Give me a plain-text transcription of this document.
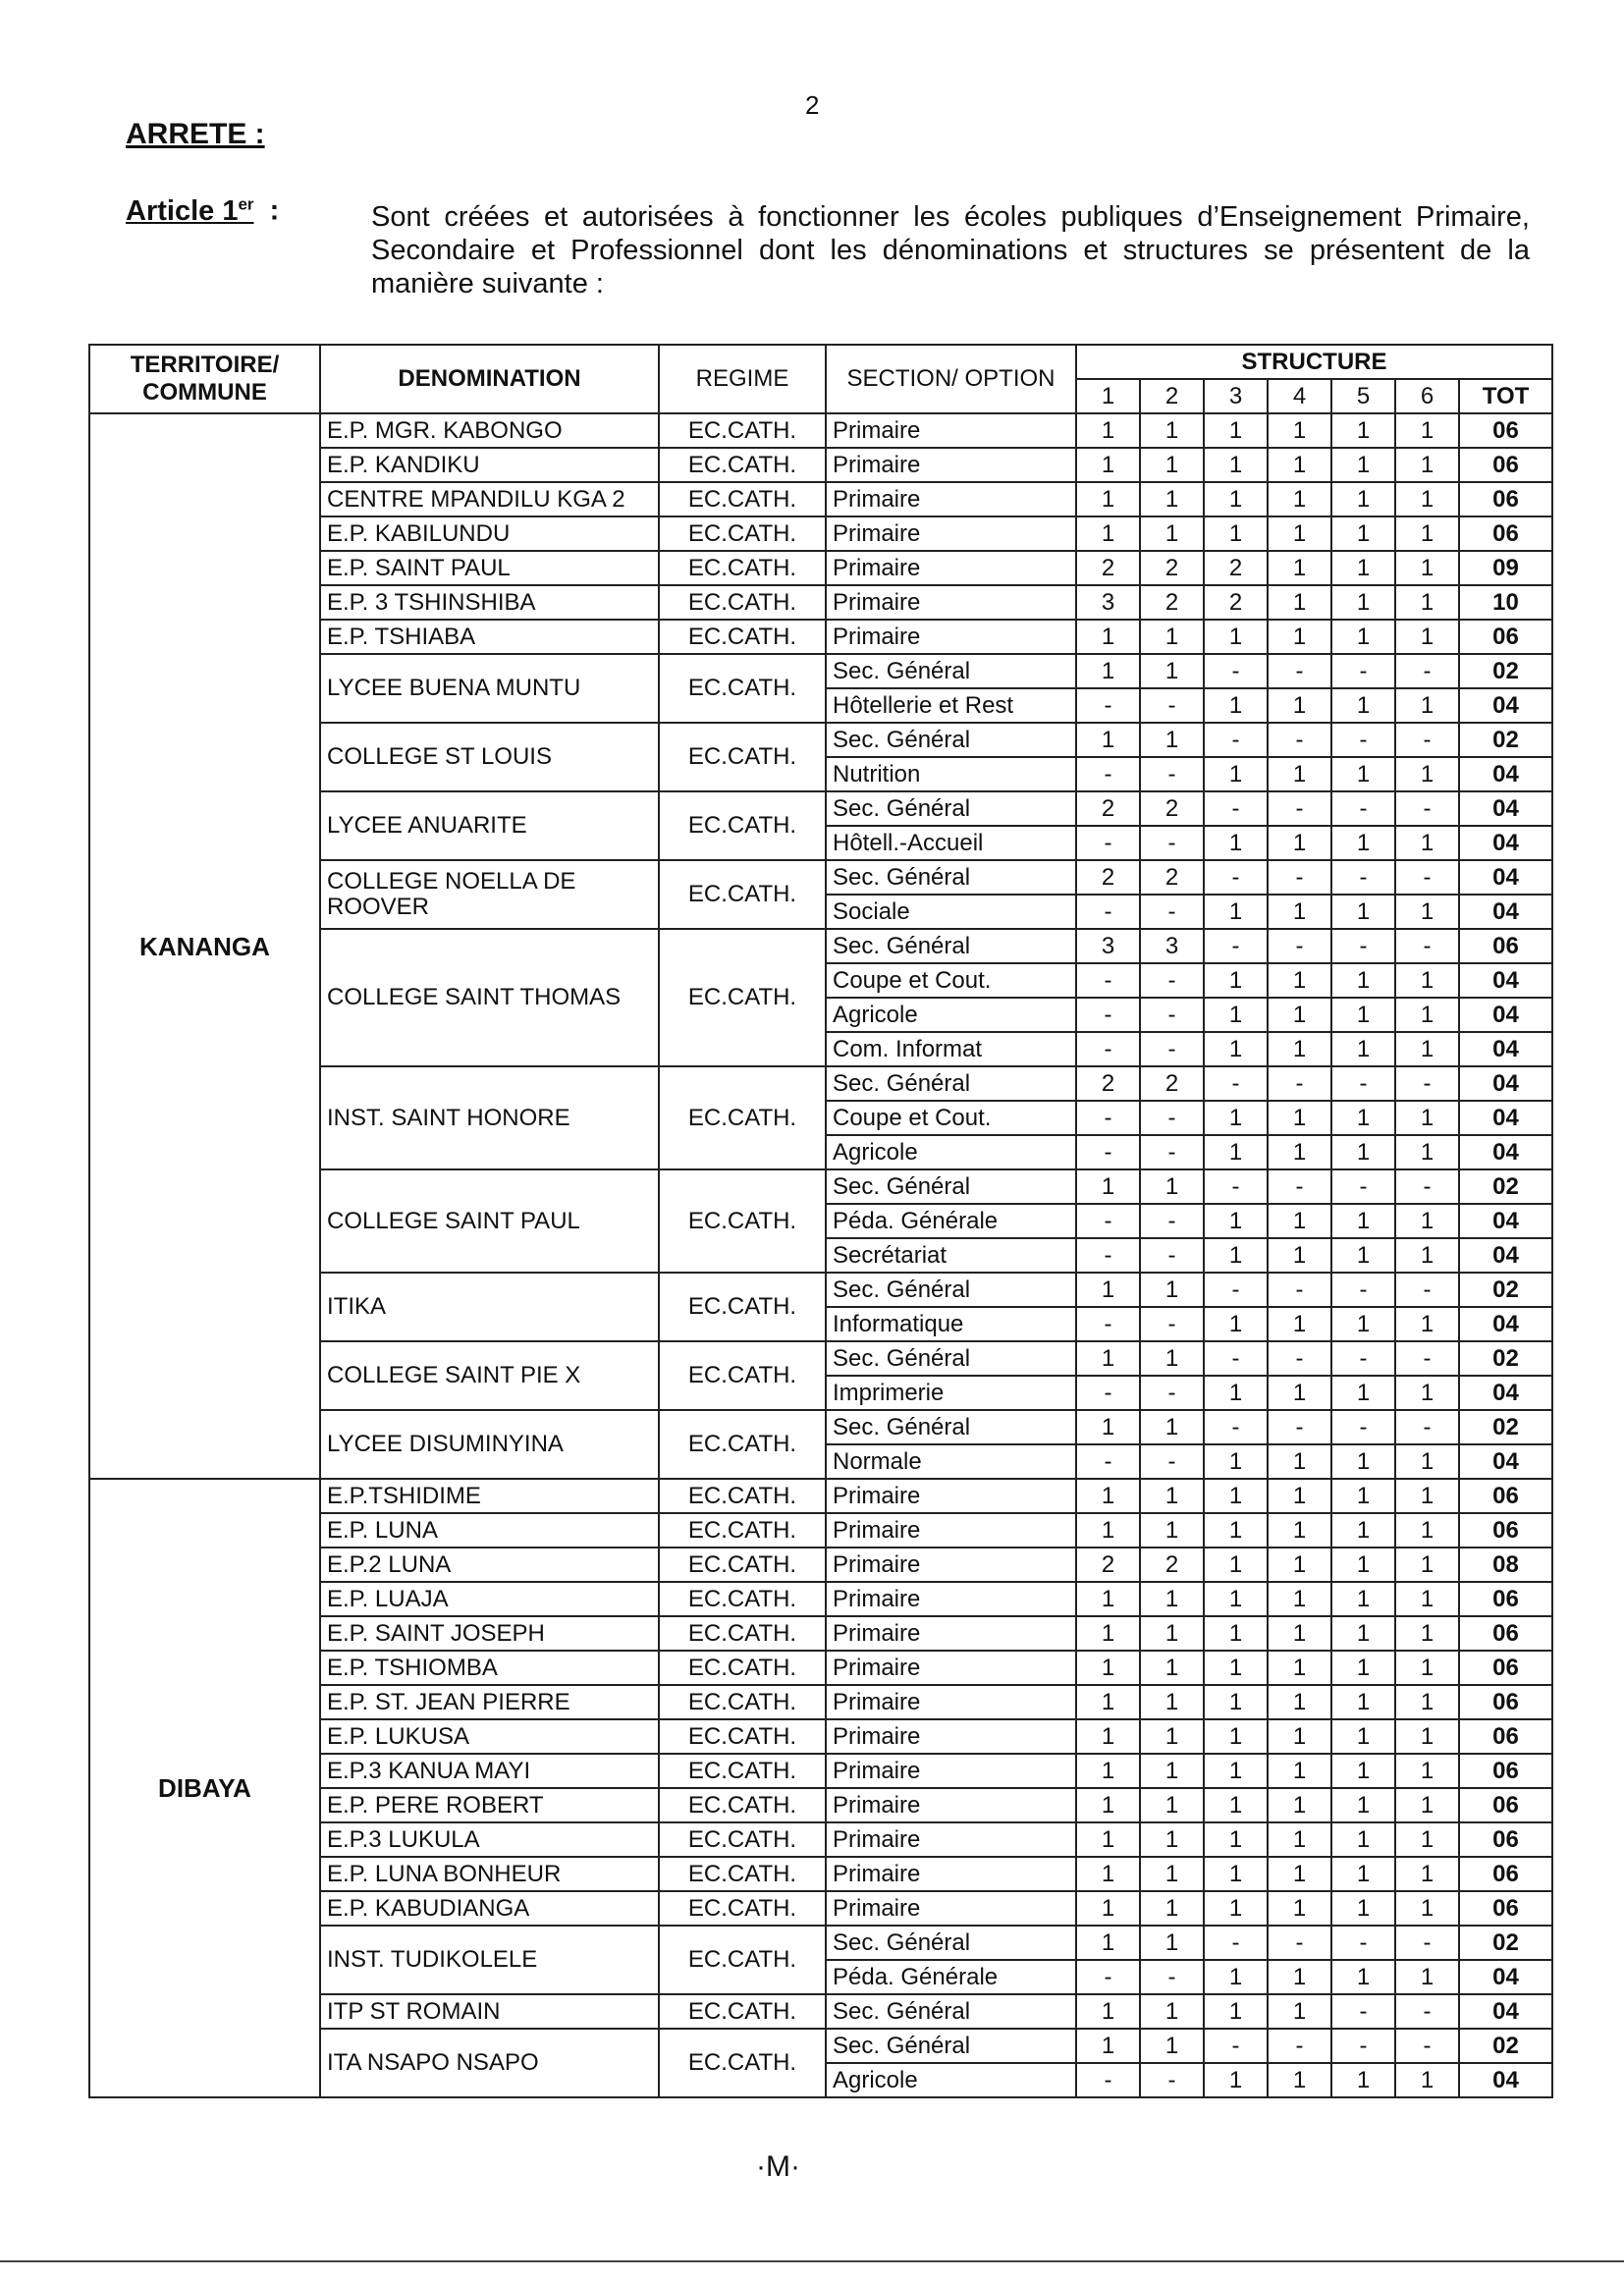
2
ARRETE :
Article 1er :	Sont créées et autorisées à fonctionner les écoles publiques d’Enseignement Primaire, Secondaire et Professionnel dont les dénominations et structures se présentent de la manière suivante :
TERRITOIRE/ COMMUNE	DENOMINATION	REGIME	SECTION/ OPTION	STRUCTURE						
				1	2	3	4	5	6	TOT
KANANGA	E.P. MGR. KABONGO	EC.CATH.	Primaire	1	1	1	1	1	1	06
	E.P. KANDIKU	EC.CATH.	Primaire	1	1	1	1	1	1	06
	CENTRE MPANDILU KGA 2	EC.CATH.	Primaire	1	1	1	1	1	1	06
	E.P. KABILUNDU	EC.CATH.	Primaire	1	1	1	1	1	1	06
	E.P. SAINT PAUL	EC.CATH.	Primaire	2	2	2	1	1	1	09
	E.P. 3 TSHINSHIBA	EC.CATH.	Primaire	3	2	2	1	1	1	10
	E.P. TSHIABA	EC.CATH.	Primaire	1	1	1	1	1	1	06
	LYCEE BUENA MUNTU	EC.CATH.	Sec. Général	1	1	-	-	-	-	02
			Hôtellerie et Rest	-	-	1	1	1	1	04
	COLLEGE ST LOUIS	EC.CATH.	Sec. Général	1	1	-	-	-	-	02
			Nutrition	-	-	1	1	1	1	04
	LYCEE ANUARITE	EC.CATH.	Sec. Général	2	2	-	-	-	-	04
			Hôtell.-Accueil	-	-	1	1	1	1	04
	COLLEGE NOELLA DE ROOVER	EC.CATH.	Sec. Général	2	2	-	-	-	-	04
			Sociale	-	-	1	1	1	1	04
	COLLEGE SAINT THOMAS	EC.CATH.	Sec. Général	3	3	-	-	-	-	06
			Coupe et Cout.	-	-	1	1	1	1	04
			Agricole	-	-	1	1	1	1	04
			Com. Informat	-	-	1	1	1	1	04
	INST. SAINT HONORE	EC.CATH.	Sec. Général	2	2	-	-	-	-	04
			Coupe et Cout.	-	-	1	1	1	1	04
			Agricole	-	-	1	1	1	1	04
	COLLEGE SAINT PAUL	EC.CATH.	Sec. Général	1	1	-	-	-	-	02
			Péda. Générale	-	-	1	1	1	1	04
			Secrétariat	-	-	1	1	1	1	04
	ITIKA	EC.CATH.	Sec. Général	1	1	-	-	-	-	02
			Informatique	-	-	1	1	1	1	04
	COLLEGE SAINT PIE X	EC.CATH.	Sec. Général	1	1	-	-	-	-	02
			Imprimerie	-	-	1	1	1	1	04
	LYCEE DISUMINYINA	EC.CATH.	Sec. Général	1	1	-	-	-	-	02
			Normale	-	-	1	1	1	1	04
DIBAYA	E.P.TSHIDIME	EC.CATH.	Primaire	1	1	1	1	1	1	06
	E.P. LUNA	EC.CATH.	Primaire	1	1	1	1	1	1	06
	E.P.2 LUNA	EC.CATH.	Primaire	2	2	1	1	1	1	08
	E.P. LUAJA	EC.CATH.	Primaire	1	1	1	1	1	1	06
	E.P. SAINT JOSEPH	EC.CATH.	Primaire	1	1	1	1	1	1	06
	E.P. TSHIOMBA	EC.CATH.	Primaire	1	1	1	1	1	1	06
	E.P. ST. JEAN PIERRE	EC.CATH.	Primaire	1	1	1	1	1	1	06
	E.P. LUKUSA	EC.CATH.	Primaire	1	1	1	1	1	1	06
	E.P.3 KANUA MAYI	EC.CATH.	Primaire	1	1	1	1	1	1	06
	E.P. PERE ROBERT	EC.CATH.	Primaire	1	1	1	1	1	1	06
	E.P.3 LUKULA	EC.CATH.	Primaire	1	1	1	1	1	1	06
	E.P. LUNA BONHEUR	EC.CATH.	Primaire	1	1	1	1	1	1	06
	E.P. KABUDIANGA	EC.CATH.	Primaire	1	1	1	1	1	1	06
	INST. TUDIKOLELE	EC.CATH.	Sec. Général	1	1	-	-	-	-	02
			Péda. Générale	-	-	1	1	1	1	04
	ITP ST ROMAIN	EC.CATH.	Sec. Général	1	1	1	1	-	-	04
	ITA NSAPO NSAPO	EC.CATH.	Sec. Général	1	1	-	-	-	-	02
			Agricole	-	-	1	1	1	1	04
·M·
